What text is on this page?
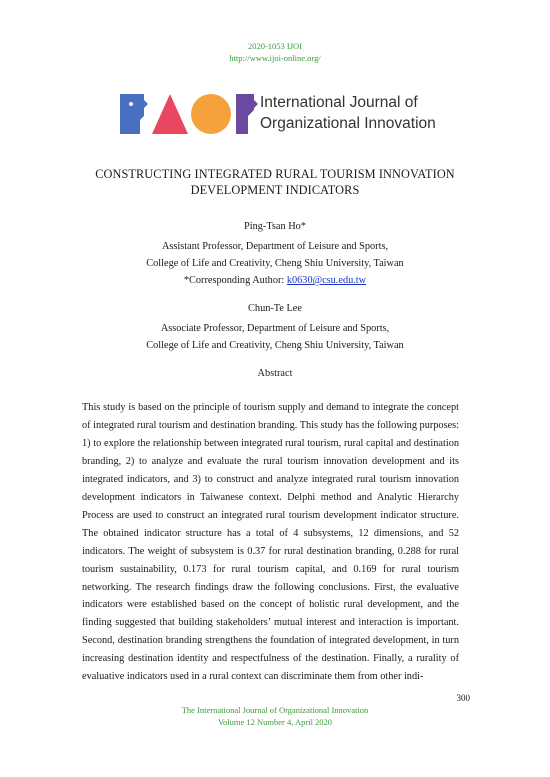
2020-1053 IJOI
http://www.ijoi-online.org/
International Journal of
Organizational Innovation
CONSTRUCTING INTEGRATED RURAL TOURISM INNOVATION
DEVELOPMENT INDICATORS
Ping-Tsan Ho*
Assistant Professor, Department of Leisure and Sports,
College of Life and Creativity, Cheng Shiu University, Taiwan
*Corresponding Author: k0630@csu.edu.tw
Chun-Te Lee
Associate Professor, Department of Leisure and Sports,
College of Life and Creativity, Cheng Shiu University, Taiwan
Abstract
This study is based on the principle of tourism supply and demand to integrate the concept of integrated rural tourism and destination branding. This study has the following purposes: 1) to explore the relationship between integrated rural tourism, rural capital and destination branding, 2) to analyze and evaluate the rural tourism innovation development and its integrated indicators, and 3) to construct and analyze integrated rural tourism innovation development indicators in Taiwanese context. Delphi method and Analytic Hierarchy Process are used to construct an integrated rural tourism development indicator structure. The obtained indicator structure has a total of 4 subsystems, 12 dimensions, and 52 indicators. The weight of subsystem is 0.37 for rural destination branding, 0.288 for rural tourism sustainability, 0.173 for rural tourism capital, and 0.169 for rural tourism networking. The research findings draw the following conclusions. First, the evaluative indicators were established based on the concept of holistic rural development, and the finding suggested that building stakeholders’ mutual interest and interaction is important. Second, destination branding strengthens the foundation of integrated development, in turn increasing destination identity and respectfulness of the destination. Finally, a rurality of evaluative indicators used in a rural context can discriminate them from other indi-
300
The International Journal of Organizational Innovation
Volume 12 Number 4, April 2020
